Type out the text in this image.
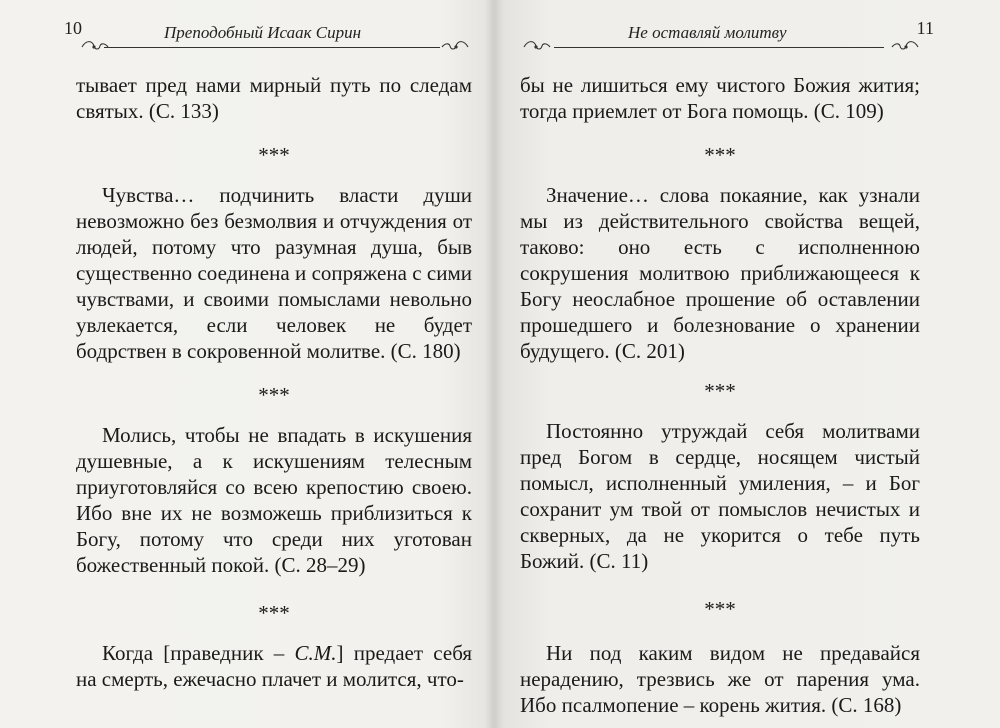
10	Преподобный Исаак Сирин

тывает пред нами мирный путь по следам святых. (С. 133)

***

Чувства… подчинить власти души невозможно без безмолвия и отчуждения от людей, потому что разумная душа, быв существенно соединена и сопряжена с сими чувствами, и своими помыслами невольно увлекается, если человек не будет бодрствен в сокровенной молитве. (С. 180)

***

Молись, чтобы не впадать в искушения душевные, а к искушениям телесным приуготовляйся со всею крепостию своею. Ибо вне их не возможешь приблизиться к Богу, потому что среди них уготован божественный покой. (С. 28–29)

***

Когда [праведник – С.М.] предает себя на смерть, ежечасно плачет и молится, что-

Не оставляй молитву	11

бы не лишиться ему чистого Божия жития; тогда приемлет от Бога помощь. (С. 109)

***

Значение… слова покаяние, как узнали мы из действительного свойства вещей, таково: оно есть с исполненною сокрушения молитвою приближающееся к Богу неослабное прошение об оставлении прошедшего и болезнование о хранении будущего. (С. 201)

***

Постоянно утруждай себя молитвами пред Богом в сердце, носящем чистый помысл, исполненный умиления, – и Бог сохранит ум твой от помыслов нечистых и скверных, да не укорится о тебе путь Божий. (С. 11)

***

Ни под каким видом не предавайся нерадению, трезвись же от парения ума. Ибо псалмопение – корень жития. (С. 168)
